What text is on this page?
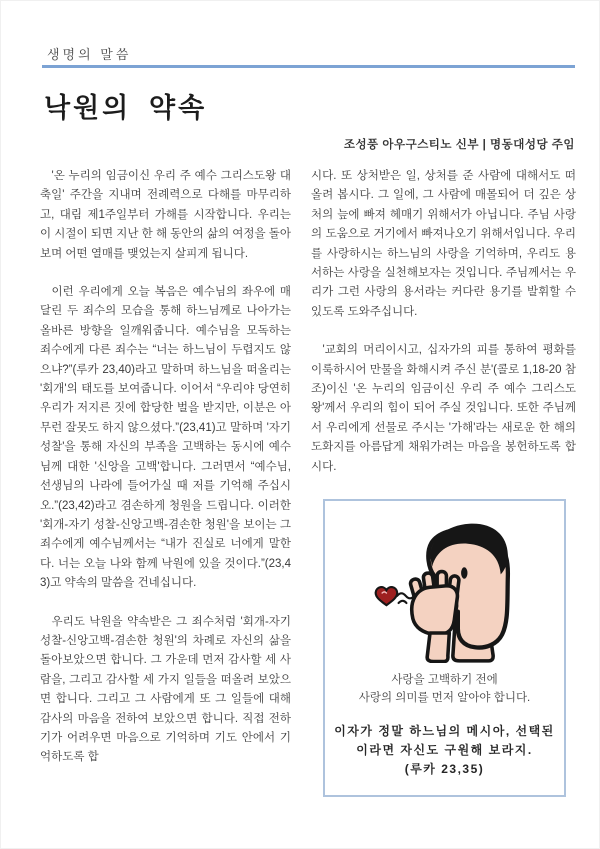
생명의 말씀
낙원의 약속
조성풍 아우구스티노 신부 | 명동대성당 주임

'온 누리의 임금이신 우리 주 예수 그리스도왕 대축일' 주간을 지내며 전례력으로 다해를 마무리하고, 대림 제1주일부터 가해를 시작합니다. 우리는 이 시절이 되면 지난 한 해 동안의 삶의 여정을 돌아보며 어떤 열매를 맺었는지 살피게 됩니다.

이런 우리에게 오늘 복음은 예수님의 좌우에 매달린 두 죄수의 모습을 통해 하느님께로 나아가는 올바른 방향을 일깨워줍니다. 예수님을 모독하는 죄수에게 다른 죄수는 “너는 하느님이 두렵지도 않으냐?”(루카 23,40)라고 말하며 하느님을 떠올리는 '회개'의 태도를 보여줍니다. 이어서 “우리야 당연히 우리가 저지른 짓에 합당한 벌을 받지만, 이분은 아무런 잘못도 하지 않으셨다.”(23,41)고 말하며 '자기 성찰'을 통해 자신의 부족을 고백하는 동시에 예수님께 대한 '신앙을 고백'합니다. 그러면서 “예수님, 선생님의 나라에 들어가실 때 저를 기억해 주십시오.”(23,42)라고 겸손하게 청원을 드립니다. 이러한 '회개-자기 성찰-신앙고백-겸손한 청원'을 보이는 그 죄수에게 예수님께서는 “내가 진실로 너에게 말한다. 너는 오늘 나와 함께 낙원에 있을 것이다.”(23,43)고 약속의 말씀을 건네십니다.

우리도 낙원을 약속받은 그 죄수처럼 '회개-자기 성찰-신앙고백-겸손한 청원'의 차례로 자신의 삶을 돌아보았으면 합니다. 그 가운데 먼저 감사할 세 사람을, 그리고 감사할 세 가지 일들을 떠올려 보았으면 합니다. 그리고 그 사람에게 또 그 일들에 대해 감사의 마음을 전하여 보았으면 합니다. 직접 전하기가 어려우면 마음으로 기억하며 기도 안에서 기억하도록 합

시다. 또 상처받은 일, 상처를 준 사람에 대해서도 떠올려 봅시다. 그 일에, 그 사람에 매몰되어 더 깊은 상처의 늪에 빠져 헤매기 위해서가 아닙니다. 주님 사랑의 도움으로 거기에서 빠져나오기 위해서입니다. 우리를 사랑하시는 하느님의 사랑을 기억하며, 우리도 용서하는 사랑을 실천해보자는 것입니다. 주님께서는 우리가 그런 사랑의 용서라는 커다란 용기를 발휘할 수 있도록 도와주십니다.

'교회의 머리이시고, 십자가의 피를 통하여 평화를 이룩하시어 만물을 화해시켜 주신 분'(콜로 1,18-20 참조)이신 '온 누리의 임금이신 우리 주 예수 그리스도왕'께서 우리의 힘이 되어 주실 것입니다. 또한 주님께서 우리에게 선물로 주시는 '가해'라는 새로운 한 해의 도화지를 아름답게 채워가려는 마음을 봉헌하도록 합시다.

사랑을 고백하기 전에
사랑의 의미를 먼저 알아야 합니다.
이자가 정말 하느님의 메시아, 선택된
이라면 자신도 구원해 보라지.
(루카 23,35)
